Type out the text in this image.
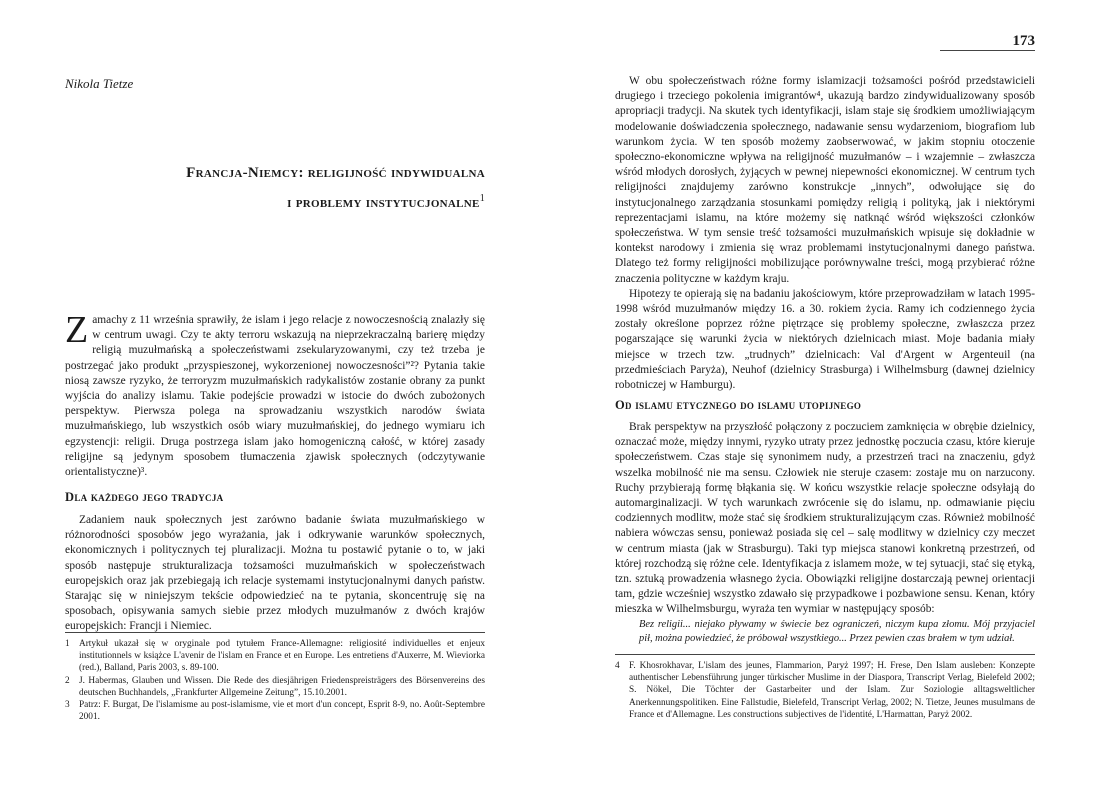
Nikola Tietze
Francja-Niemcy: religijność indywidualna
i problemy instytucjonalne$^1$
Z amachy z 11 września sprawiły, że islam i jego relacje z nowoczesnością znalazły się w centrum uwagi. Czy te akty terroru wskazują na nieprzekraczalną barierę między religią muzułmańską a społeczeństwami zsekularyzowanymi, czy też trzeba je postrzegać jako produkt „przyspieszonej, wykorzenionej nowoczesności”²? Pytania takie niosą zawsze ryzyko, że terroryzm muzułmańskich radykalistów zostanie obrany za punkt wyjścia do analizy islamu. Takie podejście prowadzi w istocie do dwóch zubożonych perspektyw. Pierwsza polega na sprowadzaniu wszystkich narodów świata muzułmańskiego, lub wszystkich osób wiary muzułmańskiej, do jednego wymiaru ich egzystencji: religii. Druga postrzega islam jako homogeniczną całość, w której zasady religijne są jedynym sposobem tłumaczenia zjawisk społecznych (odczytywanie orientalistyczne)³.

Dla każdego jego tradycja

Zadaniem nauk społecznych jest zarówno badanie świata muzułmańskiego w różnorodności sposobów jego wyrażania, jak i odkrywanie warunków społecznych, ekonomicznych i politycznych tej pluralizacji. Można tu postawić pytanie o to, w jaki sposób następuje strukturalizacja tożsamości muzułmańskich w społeczeństwach europejskich oraz jak przebiegają ich relacje systemami instytucjonalnymi danych państw. Starając się w niniejszym tekście odpowiedzieć na te pytania, skoncentruję się na sposobach, opisywania samych siebie przez młodych muzułmanów z dwóch krajów europejskich: Francji i Niemiec.

1	Artykuł ukazał się w oryginale pod tytułem France-Allemagne: religiosité individuelles et enjeux institutionnels w książce L'avenir de l'islam en France et en Europe. Les entretiens d'Auxerre, M. Wieviorka (red.), Balland, Paris 2003, s. 89-100.
2	J. Habermas, Glauben und Wissen. Die Rede des diesjährigen Friedenspreisträgers des Börsenvereins des deutschen Buchhandels, „Frankfurter Allgemeine Zeitung”, 15.10.2001.
3	Patrz: F. Burgat, De l'islamisme au post-islamisme, vie et mort d'un concept, Esprit 8-9, no. Août-Septembre 2001.
173

W obu społeczeństwach różne formy islamizacji tożsamości pośród przedstawicieli drugiego i trzeciego pokolenia imigrantów⁴, ukazują bardzo zindywidualizowany sposób apropriacji tradycji. Na skutek tych identyfikacji, islam staje się środkiem umożliwiającym modelowanie doświadczenia społecznego, nadawanie sensu wydarzeniom, biografiom lub warunkom życia. W ten sposób możemy zaobserwować, w jakim stopniu otoczenie społeczno-ekonomiczne wpływa na religijność muzułmanów – i wzajemnie – zwłaszcza wśród młodych dorosłych, żyjących w pewnej niepewności ekonomicznej. W centrum tych religijności znajdujemy zarówno konstrukcje „innych”, odwołujące się do instytucjonalnego zarządzania stosunkami pomiędzy religią i polityką, jak i niektórymi reprezentacjami islamu, na które możemy się natknąć wśród większości członków społeczeństwa. W tym sensie treść tożsamości muzułmańskich wpisuje się dokładnie w kontekst narodowy i zmienia się wraz problemami instytucjonalnymi danego państwa. Dlatego też formy religijności mobilizujące porównywalne treści, mogą przybierać różne znaczenia polityczne w każdym kraju.

Hipotezy te opierają się na badaniu jakościowym, które przeprowadziłam w latach 1995-1998 wśród muzułmanów między 16. a 30. rokiem życia. Ramy ich codziennego życia zostały określone poprzez różne piętrzące się problemy społeczne, zwłaszcza przez pogarszające się warunki życia w niektórych dzielnicach miast. Moje badania miały miejsce w trzech tzw. „trudnych” dzielnicach: Val d'Argent w Argenteuil (na przedmieściach Paryża), Neuhof (dzielnicy Strasburga) i Wilhelmsburg (dawnej dzielnicy robotniczej w Hamburgu).

Od islamu etycznego do islamu utopijnego

Brak perspektyw na przyszłość połączony z poczuciem zamknięcia w obrębie dzielnicy, oznaczać może, między innymi, ryzyko utraty przez jednostkę poczucia czasu, które kieruje społeczeństwem. Czas staje się synonimem nudy, a przestrzeń traci na znaczeniu, gdyż wszelka mobilność nie ma sensu. Człowiek nie steruje czasem: zostaje mu on narzucony. Ruchy przybierają formę błąkania się. W końcu wszystkie relacje społeczne odsyłają do automarginalizacji. W tych warunkach zwrócenie się do islamu, np. odmawianie pięciu codziennych modlitw, może stać się środkiem strukturalizującym czas. Również mobilność nabiera wówczas sensu, ponieważ posiada się cel – salę modlitwy w dzielnicy czy meczet w centrum miasta (jak w Strasburgu). Taki typ miejsca stanowi konkretną przestrzeń, od której rozchodzą się różne cele. Identyfikacja z islamem może, w tej sytuacji, stać się etyką, tzn. sztuką prowadzenia własnego życia. Obowiązki religijne dostarczają pewnej orientacji tam, gdzie wcześniej wszystko zdawało się przypadkowe i pozbawione sensu. Kenan, który mieszka w Wilhelmsburgu, wyraża ten wymiar w następujący sposób:

Bez religii... niejako pływamy w świecie bez ograniczeń, niczym kupa złomu. Mój przyjaciel pił, można powiedzieć, że próbował wszystkiego... Przez pewien czas brałem w tym udział.
4	F. Khosrokhavar, L'islam des jeunes, Flammarion, Paryż 1997; H. Frese, Den Islam ausleben: Konzepte authentischer Lebensführung junger türkischer Muslime in der Diaspora, Transcript Verlag, Bielefeld 2002; S. Nökel, Die Töchter der Gastarbeiter und der Islam. Zur Soziologie alltagsweltlicher Anerkennungspolitiken. Eine Fallstudie, Bielefeld, Transcript Verlag, 2002; N. Tietze, Jeunes musulmans de France et d'Allemagne. Les constructions subjectives de l'identité, L'Harmattan, Paryż 2002.
